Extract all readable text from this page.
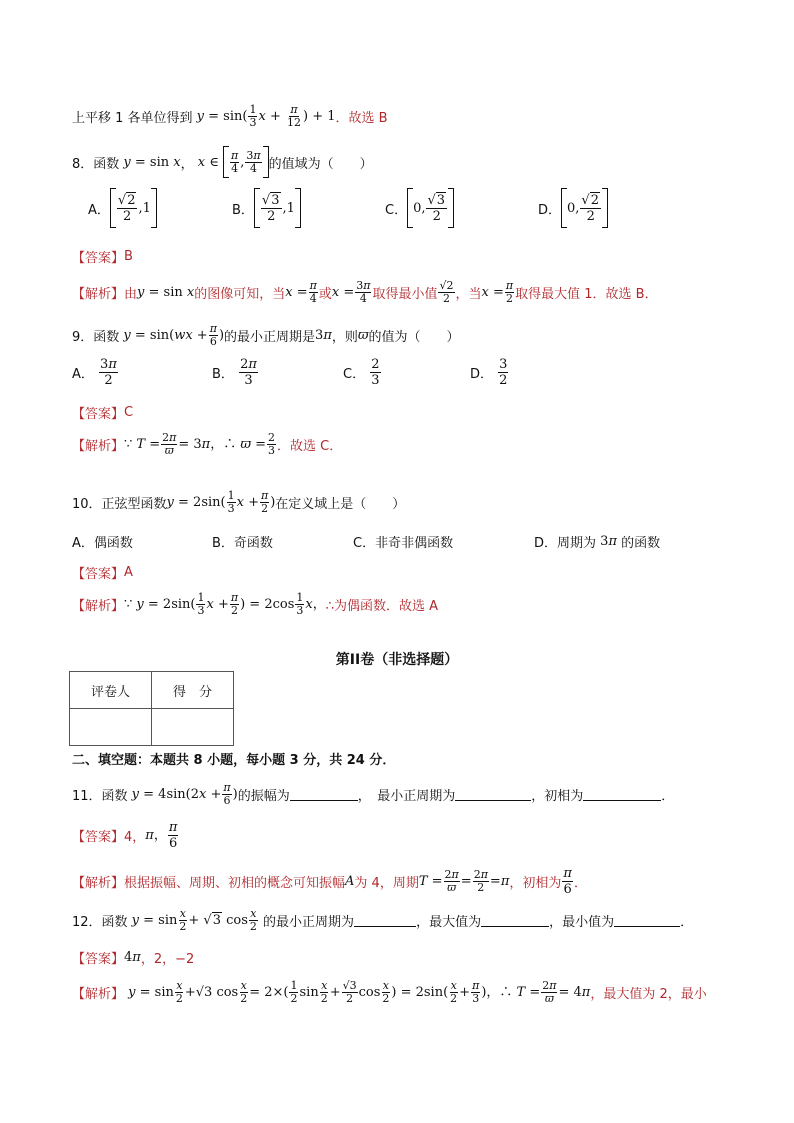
上平移 1 各单位得到 $y = \sin( \frac{1}{3}$ $x + \frac{\pi}{12}$ ) + 1 ．故选 B
8．函数 y = sin x ， x ∈	$\frac{\pi}{4}$ , $\frac{3\pi}{4}$ 的值域为（　　）
A． $\frac{√2}{2} ,1$	B． $\frac{√3}{2} ,1$	C． 0, $\frac{√3}{2}$	D． 0, $\frac{√2}{2}$
【答案】 B
【解析】 由 y = sin x 的图像可知，当 $x = \frac{\pi}{4}$ 或 $x = \frac{3\pi}{4}$ 取得最小值 $\frac{√2}{2}$ ，当 $x = \frac{\pi}{2}$ 取得最大值 1．故选 B．
9．函数 $y = \sin(wx + \frac{\pi}{6}$ ) 的最小正周期是 3π ，则 ϖ 的值为（　　）
A．
$\frac{3\pi}{2}$	B．
$\frac{2\pi}{3}$	C．
$\frac{2}{3}$	D．
$\frac{3}{2}$
【答案】 C
【解析】 ∵ $T = \frac{2\pi}{ϖ} = 3\pi$，∴ $ϖ = \frac{2}{3}$ ．故选 C．
10．正弦型函数 $y = 2\sin( \frac{1}{3}$ $x + \frac{\pi}{2}$ ) 在定义域上是（　　）
A．偶函数	B．奇函数	C．非奇非偶函数	D．周期为 3π 的函数
【答案】 A
【解析】 ∵ $y = 2\sin( \frac{1}{3}$ $x + \frac{\pi}{2}$ ) = $2\cos \frac{1}{3}$ x， ∴为偶函数．故选 A
第II卷（非选择题）
评卷人	得　分

二、填空题：本题共 8 小题，每小题 3 分，共 24 分．
11．函数 $y = 4\sin(2x + \frac{\pi}{6}$ ) 的振幅为	，　最小正周期为	，初相为	．
【答案】 4， π， $\frac{\pi}{6}$
【解析】 根据振幅、周期、初相的概念可知振幅 A 为 4，周期 $T = \frac{2\pi}{ϖ} = \frac{2\pi}{2} =\pi$ ，初相为 $\frac{\pi}{6}$ ．
12．函数 $y = \sin \frac{x}{2} + √3$ $\cos \frac{x}{2}$
的最小正周期为	，最大值为	，最小值为	．
【答案】 4π ，2，−2
【解析】 $y = \sin \frac{x}{2} +√3$ $\cos \frac{x}{2} = 2\times( \frac{1}{2}$ $\sin \frac{x}{2} + \frac{√3}{2}$ $\cos \frac{x}{2}$ ) = $2\sin( \frac{x}{2} + \frac{\pi}{3}$ )，∴ $T = \frac{2\pi}{ϖ} = 4\pi$ ，最大值为 2，最小
